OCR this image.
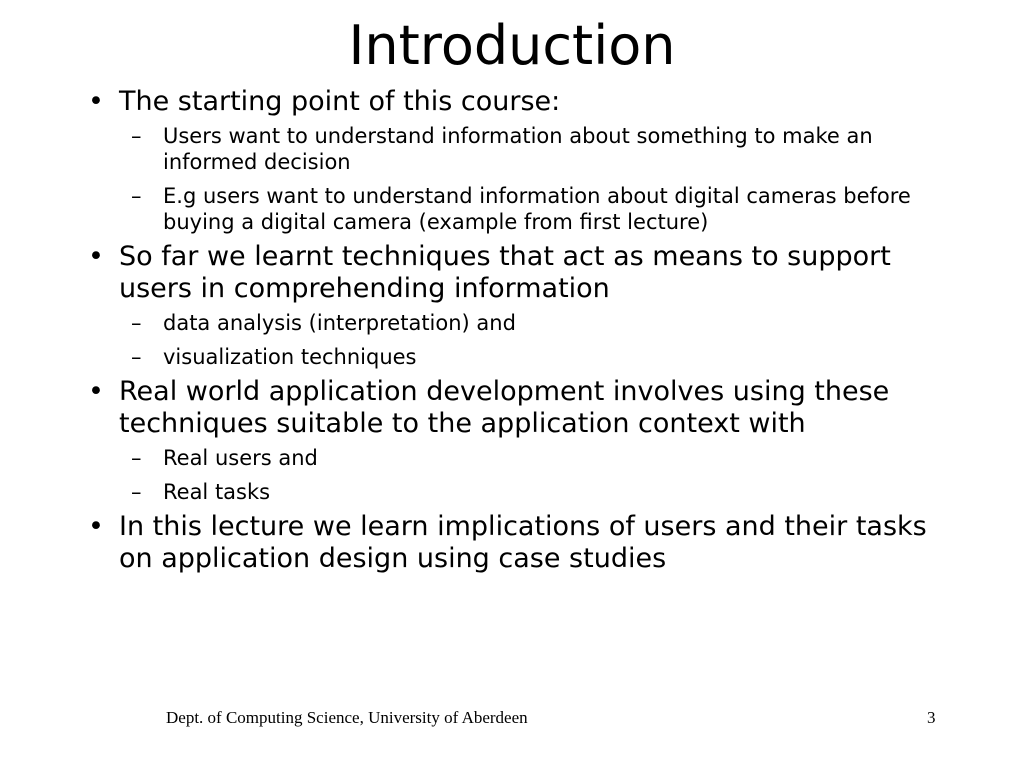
Introduction
• The starting point of this course:
–	Users want to understand information about something to make an informed decision
–	E.g users want to understand information about digital cameras before buying a digital camera (example from first lecture)
• So far we learnt techniques that act as means to support users in comprehending information
–	data analysis (interpretation) and
–	visualization techniques
• Real world application development involves using these techniques suitable to the application context with
–	Real users and
–	Real tasks
• In this lecture we learn implications of users and their tasks on application design using case studies
Dept. of Computing Science, University of Aberdeen	3
